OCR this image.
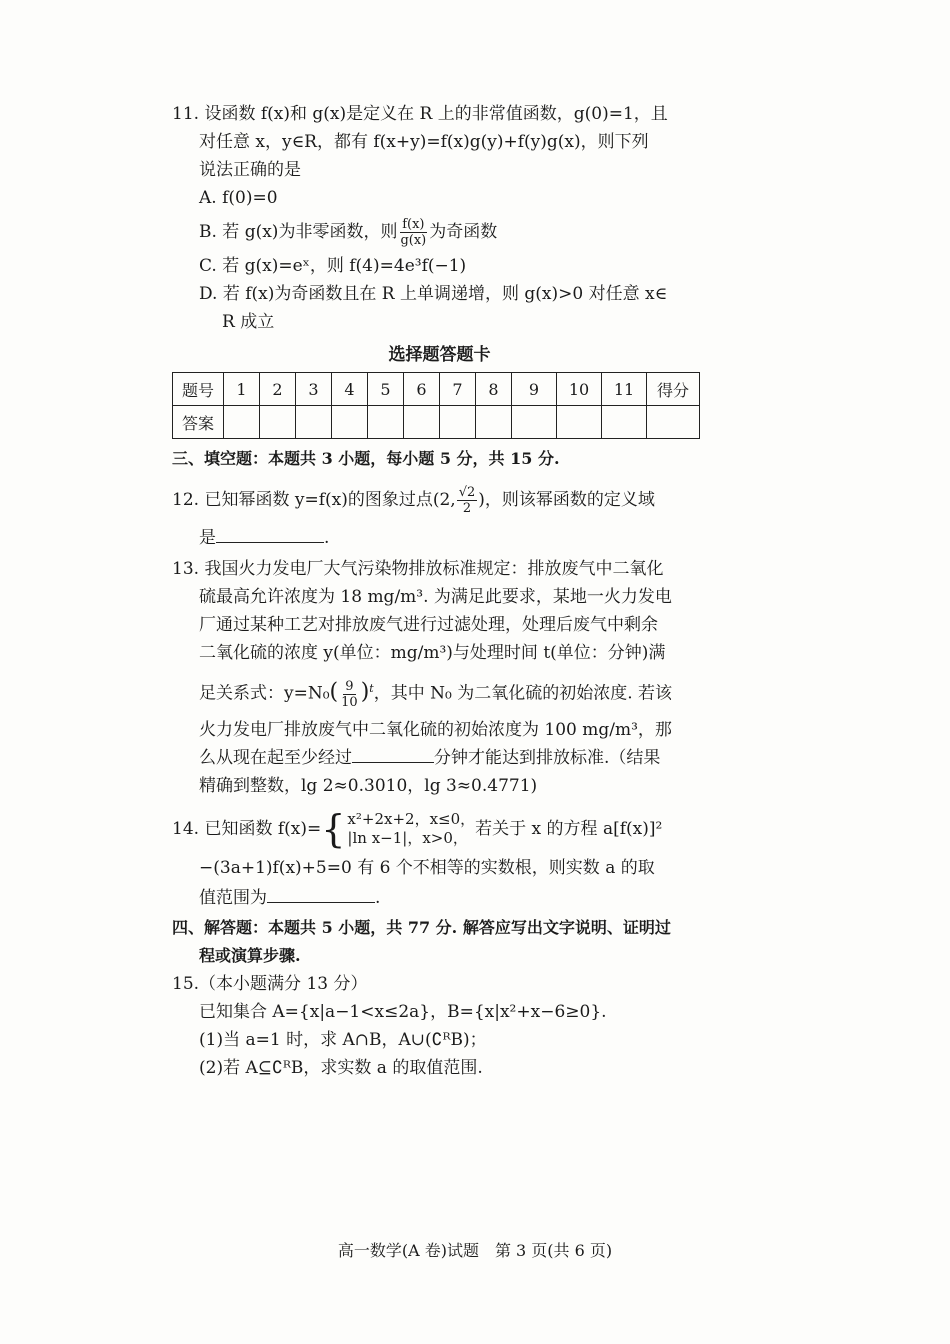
11. 设函数 f(x)和 g(x)是定义在 R 上的非常值函数，g(0)=1，且
对任意 x，y∈R，都有 f(x+y)=f(x)g(y)+f(y)g(x)，则下列
说法正确的是
A. f(0)=0
B. 若 g(x)为非零函数，则 $\frac{f(x)}{g(x)}$ 为奇函数
C. 若 g(x)=eˣ，则 f(4)=4e³f(−1)
D. 若 f(x)为奇函数且在 R 上单调递增，则 g(x)>0 对任意 x∈
R 成立
选择题答题卡
题号	1	2	3	4	5	6	7	8	9	10	11	得分
答案												
三、填空题：本题共 3 小题，每小题 5 分，共 15 分.
12. 已知幂函数 y=f(x)的图象过点(2, $\frac{√2}{2}$ )，则该幂函数的定义域
是	.
13. 我国火力发电厂大气污染物排放标准规定：排放废气中二氧化
硫最高允许浓度为 18 mg/m³. 为满足此要求，某地一火力发电
厂通过某种工艺对排放废气进行过滤处理，处理后废气中剩余
二氧化硫的浓度 y(单位：mg/m³)与处理时间 t(单位：分钟)满
足关系式：$y=N_0( \frac{9}{10} )^t$，其中 N₀ 为二氧化硫的初始浓度. 若该
火力发电厂排放废气中二氧化硫的初始浓度为 100 mg/m³，那
么从现在起至少经过	分钟才能达到排放标准.（结果
精确到整数，lg 2≈0.3010，lg 3≈0.4771)
14. 已知函数 f(x)= { x²+2x+2，x≤0，
|ln x−1|，x>0， 若关于 x 的方程 a[f(x)]²
−(3a+1)f(x)+5=0 有 6 个不相等的实数根，则实数 a 的取
值范围为	.
四、解答题：本题共 5 小题，共 77 分. 解答应写出文字说明、证明过
程或演算步骤.
15.（本小题满分 13 分）
已知集合 A={x|a−1<x≤2a}，B={x|x²+x−6≥0}.
(1)当 a=1 时，求 A∩B，A∪(∁ᴿB)；
(2)若 A⊆∁ᴿB，求实数 a 的取值范围.
高一数学(A 卷)试题　第 3 页(共 6 页)
